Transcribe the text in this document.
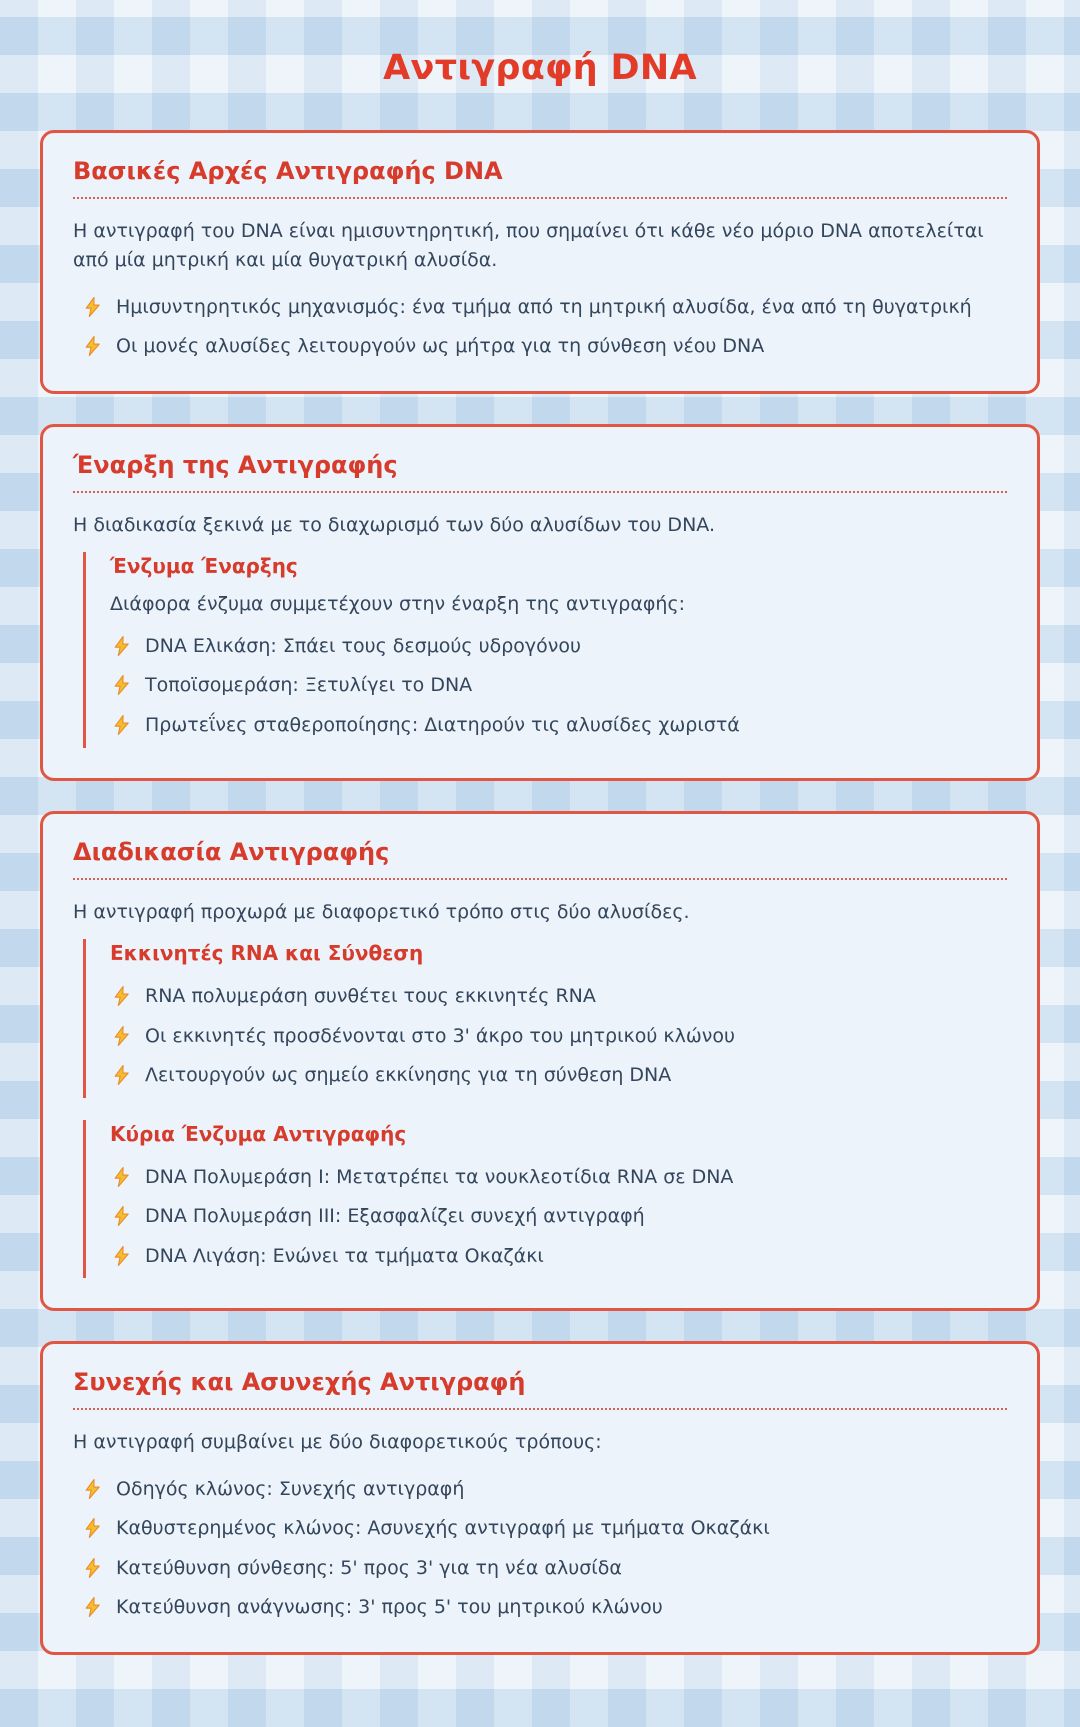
Αντιγραφή DNA
Βασικές Αρχές Αντιγραφής DNA

Η αντιγραφή του DNA είναι ημισυντηρητική, που σημαίνει ότι κάθε νέο μόριο DNA αποτελείται από μία μητρική και μία θυγατρική αλυσίδα.

Ημισυντηρητικός μηχανισμός: ένα τμήμα από τη μητρική αλυσίδα, ένα από τη θυγατρική
Οι μονές αλυσίδες λειτουργούν ως μήτρα για τη σύνθεση νέου DNA
Έναρξη της Αντιγραφής

Η διαδικασία ξεκινά με το διαχωρισμό των δύο αλυσίδων του DNA.

Ένζυμα Έναρξης

Διάφορα ένζυμα συμμετέχουν στην έναρξη της αντιγραφής:

DNA Ελικάση: Σπάει τους δεσμούς υδρογόνου
Τοποϊσομεράση: Ξετυλίγει το DNA
Πρωτεΐνες σταθεροποίησης: Διατηρούν τις αλυσίδες χωριστά
Διαδικασία Αντιγραφής

Η αντιγραφή προχωρά με διαφορετικό τρόπο στις δύο αλυσίδες.

Εκκινητές RNA και Σύνθεση
RNA πολυμεράση συνθέτει τους εκκινητές RNA
Οι εκκινητές προσδένονται στο 3' άκρο του μητρικού κλώνου
Λειτουργούν ως σημείο εκκίνησης για τη σύνθεση DNA
Κύρια Ένζυμα Αντιγραφής
DNA Πολυμεράση I: Μετατρέπει τα νουκλεοτίδια RNA σε DNA
DNA Πολυμεράση III: Εξασφαλίζει συνεχή αντιγραφή
DNA Λιγάση: Ενώνει τα τμήματα Οκαζάκι
Συνεχής και Ασυνεχής Αντιγραφή

Η αντιγραφή συμβαίνει με δύο διαφορετικούς τρόπους:

Οδηγός κλώνος: Συνεχής αντιγραφή
Καθυστερημένος κλώνος: Ασυνεχής αντιγραφή με τμήματα Οκαζάκι
Κατεύθυνση σύνθεσης: 5' προς 3' για τη νέα αλυσίδα
Κατεύθυνση ανάγνωσης: 3' προς 5' του μητρικού κλώνου
